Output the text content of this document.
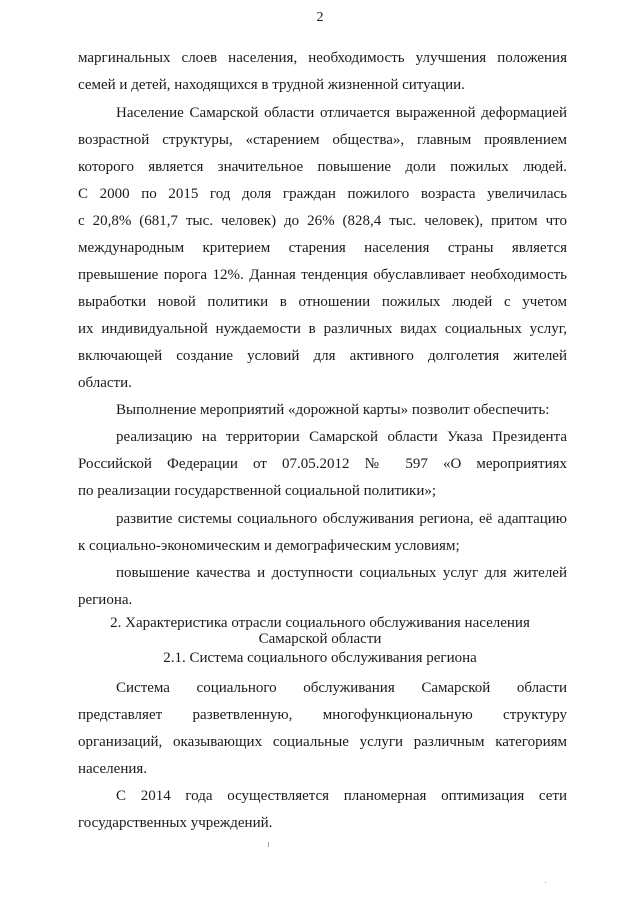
2
маргинальных слоев населения, необходимость улучшения положения
семей и детей, находящихся в трудной жизненной ситуации.
Население Самарской области отличается выраженной деформацией
возрастной структуры, «старением общества», главным проявлением
которого является значительное повышение доли пожилых людей.
С 2000 по 2015 год доля граждан пожилого возраста увеличилась
с 20,8% (681,7 тыс. человек) до 26% (828,4 тыс. человек), притом что
международным критерием старения населения страны является
превышение порога 12%. Данная тенденция обуславливает необходимость
выработки новой политики в отношении пожилых людей с учетом
их индивидуальной нуждаемости в различных видах социальных услуг,
включающей создание условий для активного долголетия жителей
области.
Выполнение мероприятий «дорожной карты» позволит обеспечить:
реализацию на территории Самарской области Указа Президента
Российской Федерации от 07.05.2012 № 597 «О мероприятиях
по реализации государственной социальной политики»;
развитие системы социального обслуживания региона, её адаптацию
к социально-экономическим и демографическим условиям;
повышение качества и доступности социальных услуг для жителей
региона.
2. Характеристика отрасли социального обслуживания населения
Самарской области
2.1. Система социального обслуживания региона
Система социального обслуживания Самарской области
представляет разветвленную, многофункциональную структуру
организаций, оказывающих социальные услуги различным категориям
населения.
С 2014 года осуществляется планомерная оптимизация сети
государственных учреждений.
